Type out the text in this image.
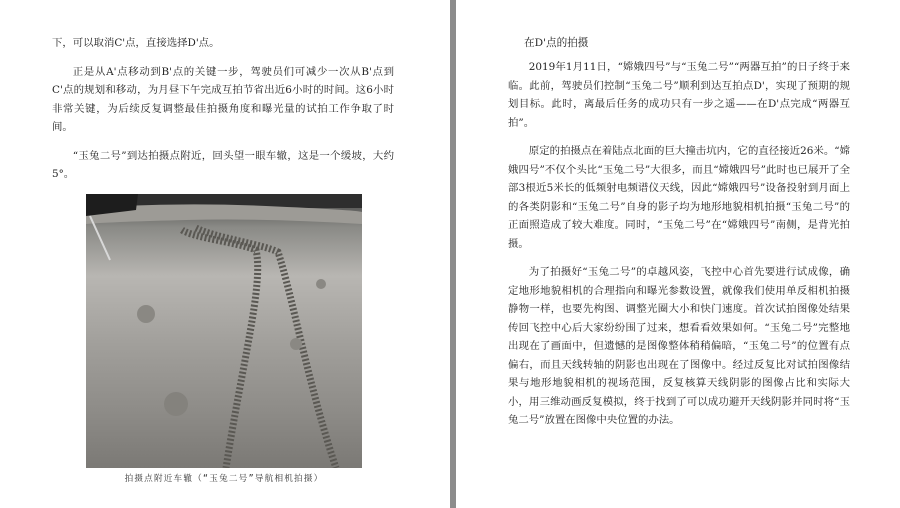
下，可以取消C'点，直接选择D'点。

正是从A'点移动到B'点的关键一步，驾驶员们可减少一次从B'点到C'点的规划和移动，为月昼下午完成互拍节省出近6小时的时间。这6小时非常关键，为后续反复调整最佳拍摄角度和曝光量的试拍工作争取了时间。

“玉兔二号”到达拍摄点附近，回头望一眼车辙，这是一个缓坡，大约5°。

拍摄点附近车辙（“玉兔二号”导航相机拍摄）

在D'点的拍摄

2019年1月11日，“嫦娥四号”与“玉兔二号”“两器互拍”的日子终于来临。此前，驾驶员们控制“玉兔二号”顺利到达互拍点D'，实现了预期的规划目标。此时，离最后任务的成功只有一步之遥——在D'点完成“两器互拍”。

原定的拍摄点在着陆点北面的巨大撞击坑内，它的直径接近26米。“嫦娥四号”不仅个头比“玉兔二号”大很多，而且“嫦娥四号”此时也已展开了全部3根近5米长的低频射电频谱仪天线，因此“嫦娥四号”设备投射到月面上的各类阴影和“玉兔二号”自身的影子均为地形地貌相机拍摄“玉兔二号”的正面照造成了较大难度。同时，“玉兔二号”在“嫦娥四号”南侧，是背光拍摄。

为了拍摄好“玉兔二号”的卓越风姿，飞控中心首先要进行试成像，确定地形地貌相机的合理指向和曝光参数设置，就像我们使用单反相机拍摄静物一样，也要先构图、调整光圈大小和快门速度。首次试拍图像处结果传回飞控中心后大家纷纷围了过来，想看看效果如何。“玉兔二号”完整地出现在了画面中，但遗憾的是图像整体稍稍偏暗，“玉兔二号”的位置有点偏右，而且天线转轴的阴影也出现在了图像中。经过反复比对试拍图像结果与地形地貌相机的视场范围，反复核算天线阴影的图像占比和实际大小，用三维动画反复模拟，终于找到了可以成功避开天线阴影并同时将“玉兔二号”放置在图像中央位置的办法。
